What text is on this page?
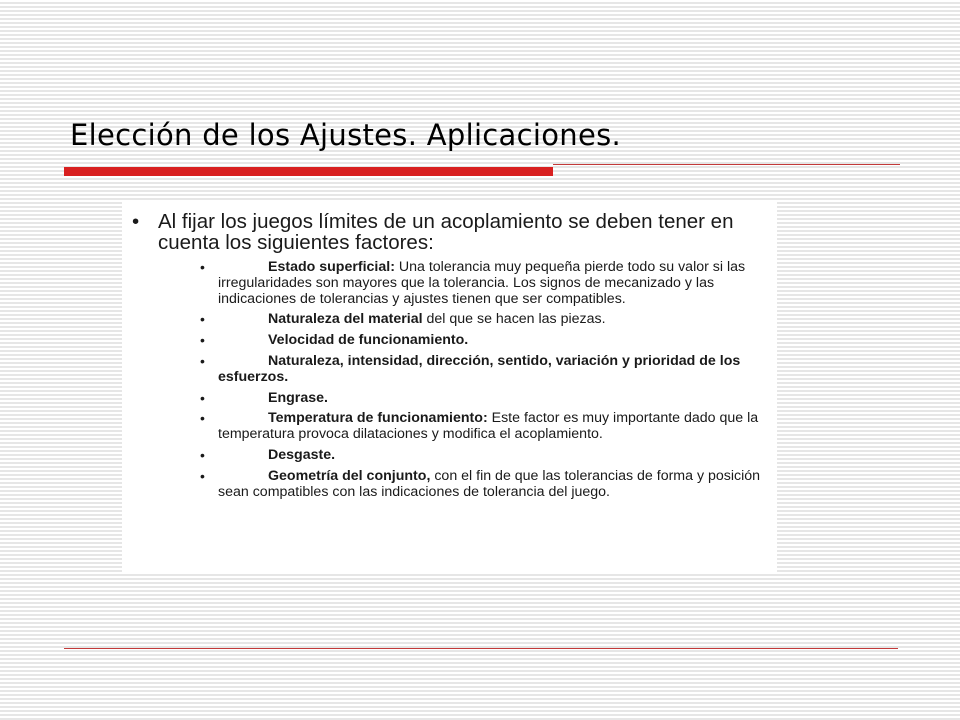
Elección de los Ajustes. Aplicaciones.
• Al fijar los juegos límites de un acoplamiento se deben tener en cuenta los siguientes factores:
•	Estado superficial: Una tolerancia muy pequeña pierde todo su valor si las irregularidades son mayores que la tolerancia. Los signos de mecanizado y las indicaciones de tolerancias y ajustes tienen que ser compatibles.
•	Naturaleza del material del que se hacen las piezas.
•	Velocidad de funcionamiento.
•	Naturaleza, intensidad, dirección, sentido, variación y prioridad de los esfuerzos.
•	Engrase.
•	Temperatura de funcionamiento: Este factor es muy importante dado que la temperatura provoca dilataciones y modifica el acoplamiento.
•	Desgaste.
•	Geometría del conjunto, con el fin de que las tolerancias de forma y posición sean compatibles con las indicaciones de tolerancia del juego.
